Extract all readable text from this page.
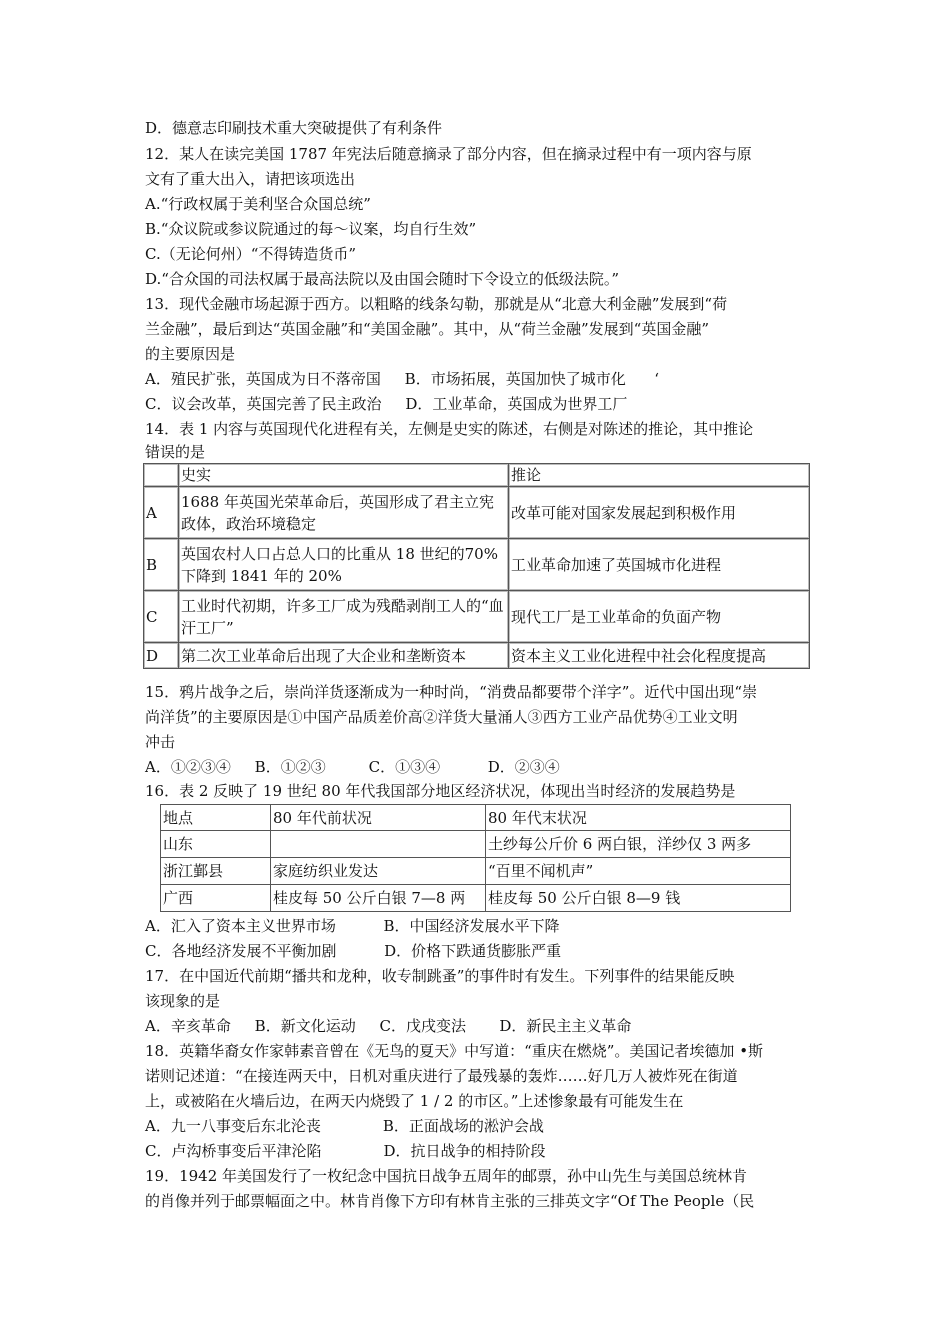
D．德意志印刷技术重大突破提供了有利条件

12．某人在读完美国 1787 年宪法后随意摘录了部分内容，但在摘录过程中有一项内容与原

文有了重大出入，请把该项选出

A.“行政权属于美利坚合众国总统”

B.“众议院或参议院通过的每～议案，均自行生效”

C.（无论何州）“不得铸造货币”

D.“合众国的司法权属于最高法院以及由国会随时下令设立的低级法院。”

13．现代金融市场起源于西方。以粗略的线条勾勒，那就是从“北意大利金融”发展到“荷

兰金融”，最后到达“英国金融”和“美国金融”。其中，从“荷兰金融”发展到“英国金融”

的主要原因是

A．殖民扩张，英国成为日不落帝国     B．市场拓展，英国加快了城市化      ‘

C．议会改革，英国完善了民主政治     D．工业革命，英国成为世界工厂

14．表 1 内容与英国现代化进程有关，左侧是史实的陈述，右侧是对陈述的推论，其中推论

错误的是

	史实	推论
A	1688 年英国光荣革命后，英国形成了君主立宪政体，政治环境稳定	改革可能对国家发展起到积极作用
B	英国农村人口占总人口的比重从 18 世纪的70%下降到 1841 年的 20%	工业革命加速了英国城市化进程
C	工业时代初期，许多工厂成为残酷剥削工人的“血汗工厂”	现代工厂是工业革命的负面产物
D	第二次工业革命后出现了大企业和垄断资本	资本主义工业化进程中社会化程度提高

15．鸦片战争之后，崇尚洋货逐渐成为一种时尚，“消费品都要带个洋字”。近代中国出现“崇

尚洋货”的主要原因是①中国产品质差价高②洋货大量涌人③西方工业产品优势④工业文明

冲击

A．①②③④     B．①②③         C．①③④          D．②③④

16．表 2 反映了 19 世纪 80 年代我国部分地区经济状况，体现出当时经济的发展趋势是

地点	80 年代前状况	80 年代末状况
山东		土纱每公斤价 6 两白银，洋纱仅 3 两多
浙江鄞县	家庭纺织业发达	“百里不闻机声”
广西	桂皮每 50 公斤白银 7—8 两	桂皮每 50 公斤白银 8—9 钱

A．汇入了资本主义世界市场          B．中国经济发展水平下降

C．各地经济发展不平衡加剧          D．价格下跌通货膨胀严重

17．在中国近代前期“播共和龙种，收专制跳蚤”的事件时有发生。下列事件的结果能反映

该现象的是

A．辛亥革命     B．新文化运动     C．戊戌变法       D．新民主主义革命

18．英籍华裔女作家韩素音曾在《无鸟的夏天》中写道：“重庆在燃烧”。美国记者埃德加 •斯

诺则记述道：“在接连两天中，日机对重庆进行了最残暴的轰炸……好几万人被炸死在街道

上，或被陷在火墙后边，在两天内烧毁了 1 / 2 的市区。”上述惨象最有可能发生在

A．九一八事变后东北沦丧             B．正面战场的淞沪会战

C．卢沟桥事变后平津沦陷             D．抗日战争的相持阶段

19．1942 年美国发行了一枚纪念中国抗日战争五周年的邮票，孙中山先生与美国总统林肯

的肖像并列于邮票幅面之中。林肯肖像下方印有林肯主张的三排英文字“Of The People（民
